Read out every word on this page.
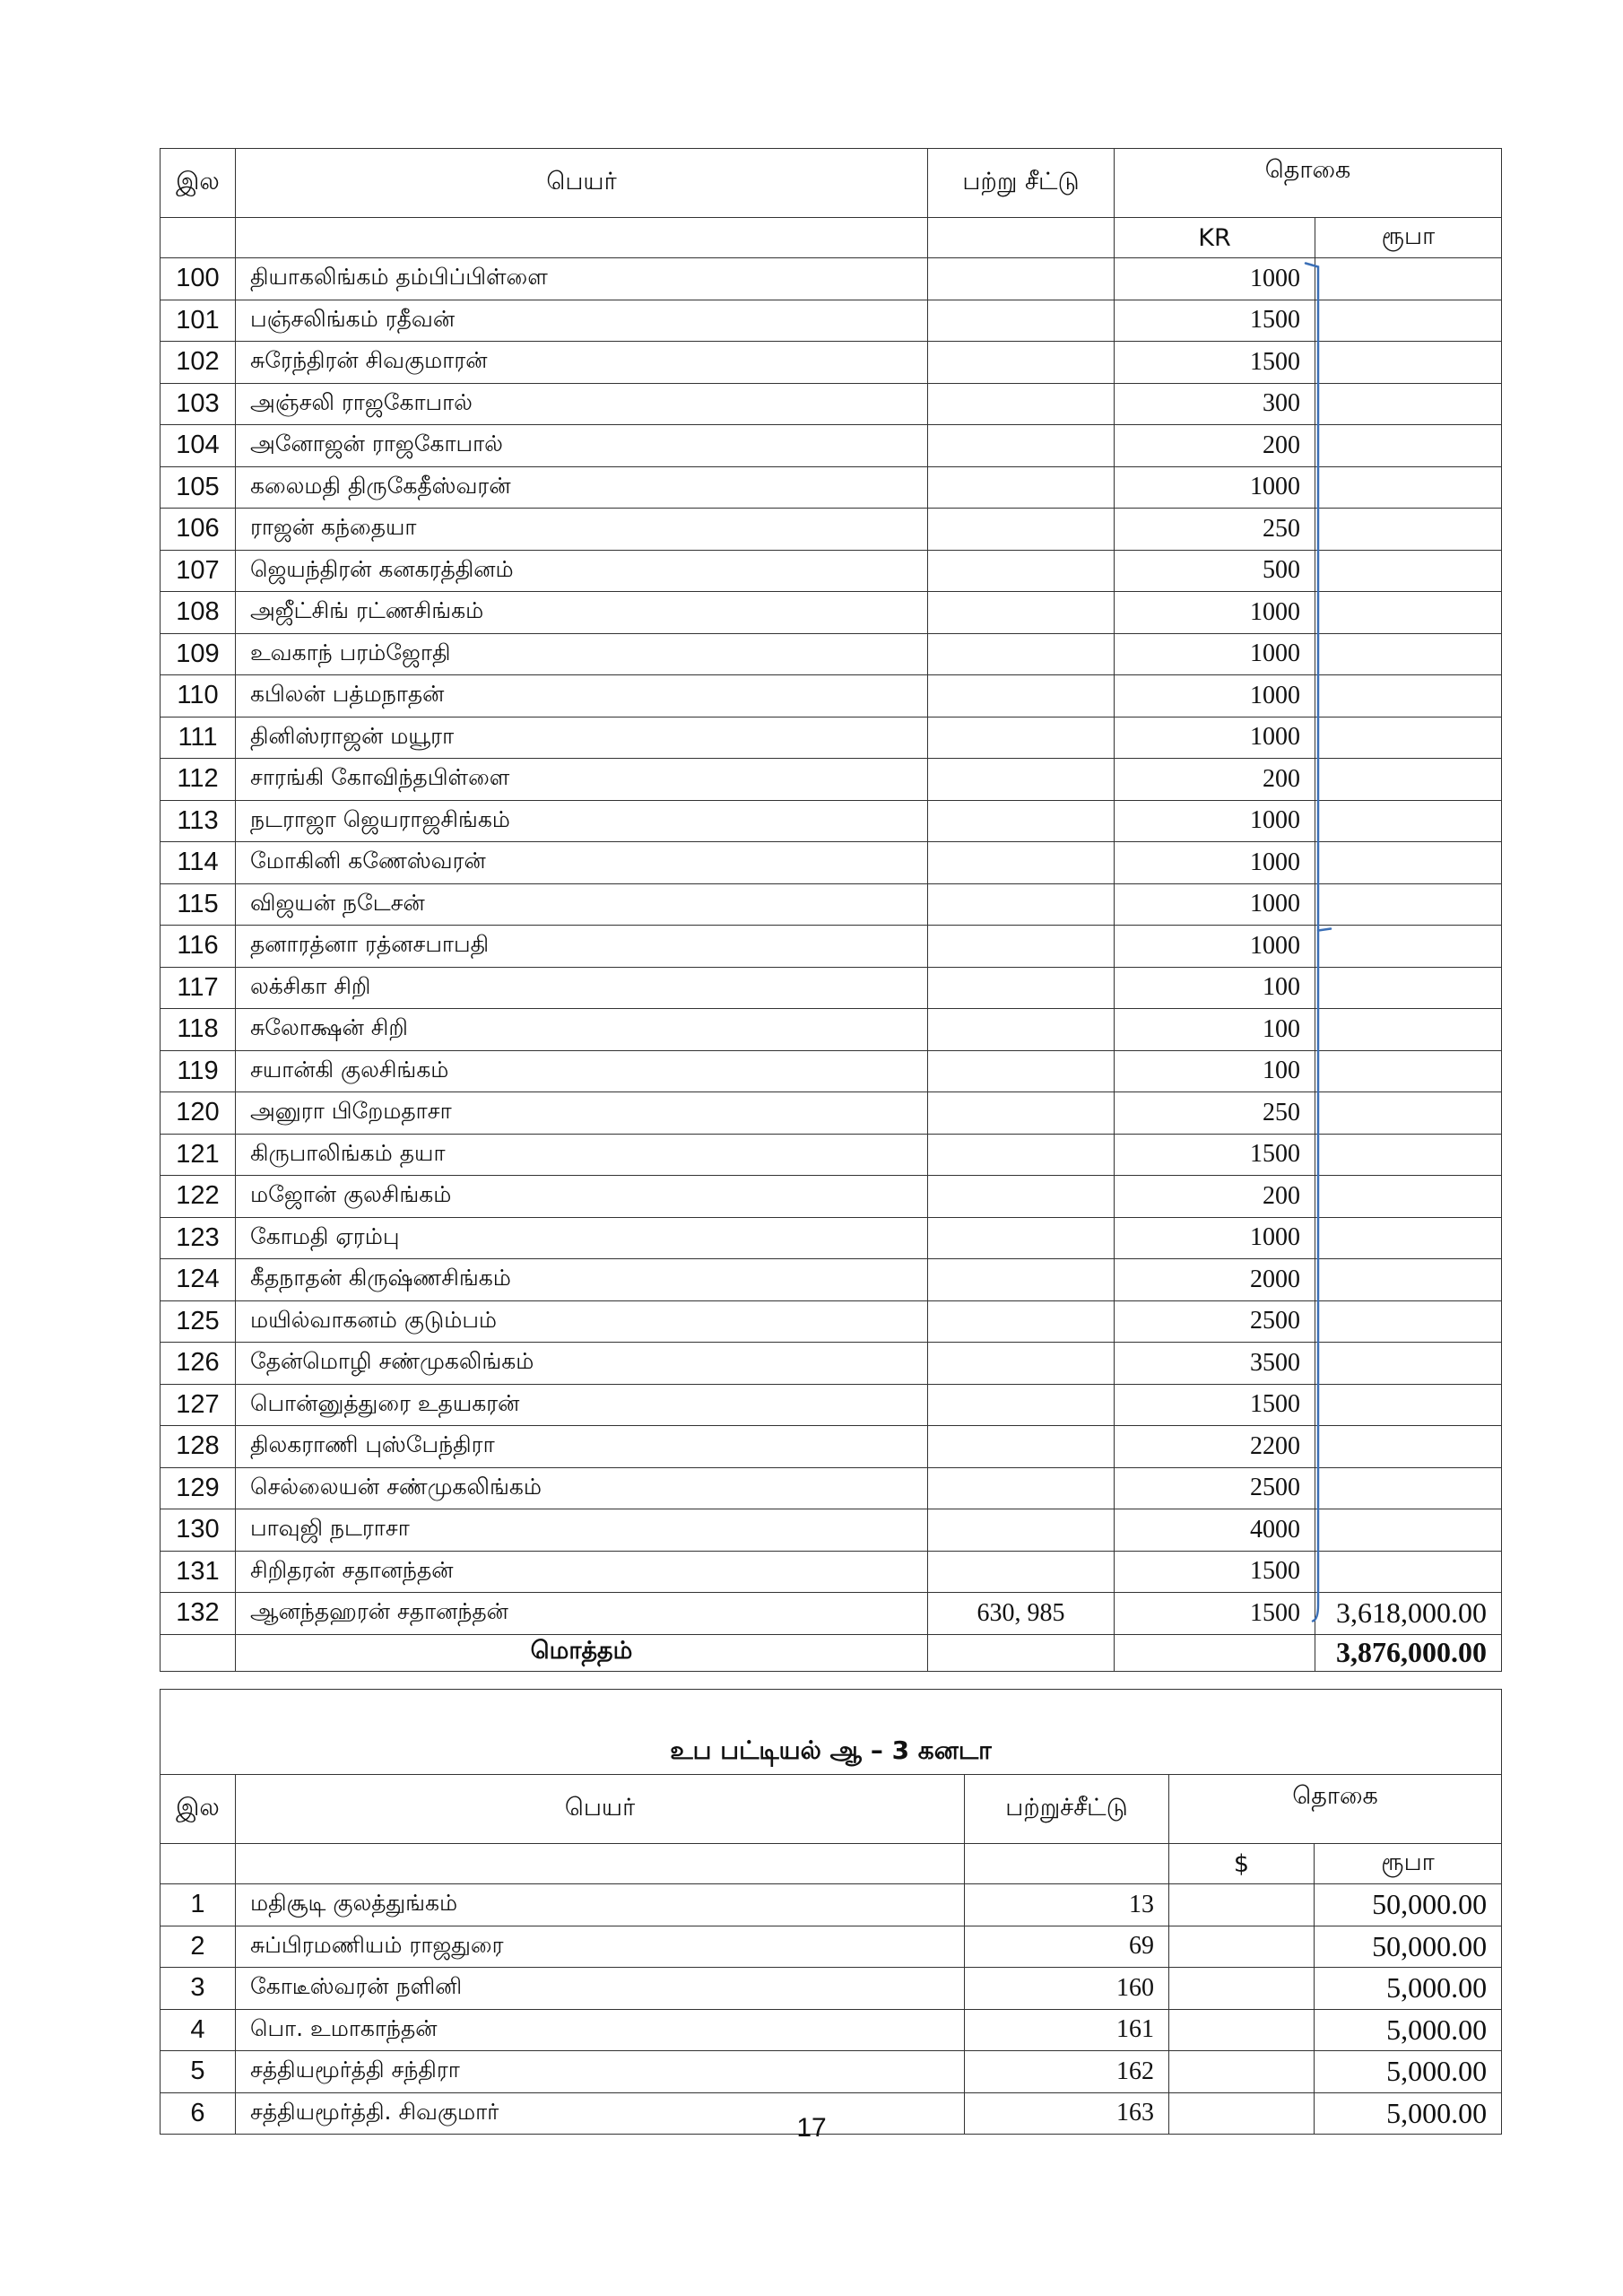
இல	பெயர்	பற்று சீட்டு	தொகை	
			KR	ரூபா
100	தியாகலிங்கம் தம்பிப்பிள்ளை		1000	
101	பஞ்சலிங்கம் ரதீவன்		1500	
102	சுரேந்திரன் சிவகுமாரன்		1500	
103	அஞ்சலி ராஜகோபால்		300	
104	அனோஜன் ராஜகோபால்		200	
105	கலைமதி திருகேதீஸ்வரன்		1000	
106	ராஜன் கந்தையா		250	
107	ஜெயந்திரன் கனகரத்தினம்		500	
108	அஜீட்சிங் ரட்ணசிங்கம்		1000	
109	உவகாந் பரம்ஜோதி		1000	
110	கபிலன் பத்மநாதன்		1000	
111	தினிஸ்ராஜன் மயூரா		1000	
112	சாரங்கி கோவிந்தபிள்ளை		200	
113	நடராஜா ஜெயராஜசிங்கம்		1000	
114	மோகினி கணேஸ்வரன்		1000	
115	விஜயன் நடேசன்		1000	
116	தனாரத்னா ரத்னசபாபதி		1000	
117	லக்சிகா சிறி		100	
118	சுலோக்ஷன் சிறி		100	
119	சயான்கி குலசிங்கம்		100	
120	அனுரா பிறேமதாசா		250	
121	கிருபாலிங்கம் தயா		1500	
122	மஜோன் குலசிங்கம்		200	
123	கோமதி ஏரம்பு		1000	
124	கீதநாதன் கிருஷ்ணசிங்கம்		2000	
125	மயில்வாகனம் குடும்பம்		2500	
126	தேன்மொழி சண்முகலிங்கம்		3500	
127	பொன்னுத்துரை உதயகரன்		1500	
128	திலகராணி புஸ்பேந்திரா		2200	
129	செல்லையன் சண்முகலிங்கம்		2500	
130	பாவுஜி நடராசா		4000	
131	சிறிதரன் சதானந்தன்		1500	
132	ஆனந்தஹரன் சதானந்தன்	630, 985	1500	3,618,000.00
	மொத்தம்			3,876,000.00
உப பட்டியல் ஆ – 3 கனடா				
இல	பெயர்	பற்றுச்சீட்டு	தொகை	
			$	ரூபா
1	மதிசூடி குலத்துங்கம்	13		50,000.00
2	சுப்பிரமணியம் ராஜதுரை	69		50,000.00
3	கோடீஸ்வரன் நளினி	160		5,000.00
4	பொ. உமாகாந்தன்	161		5,000.00
5	சத்தியமூர்த்தி சந்திரா	162		5,000.00
6	சத்தியமூர்த்தி. சிவகுமார்	163		5,000.00
17
